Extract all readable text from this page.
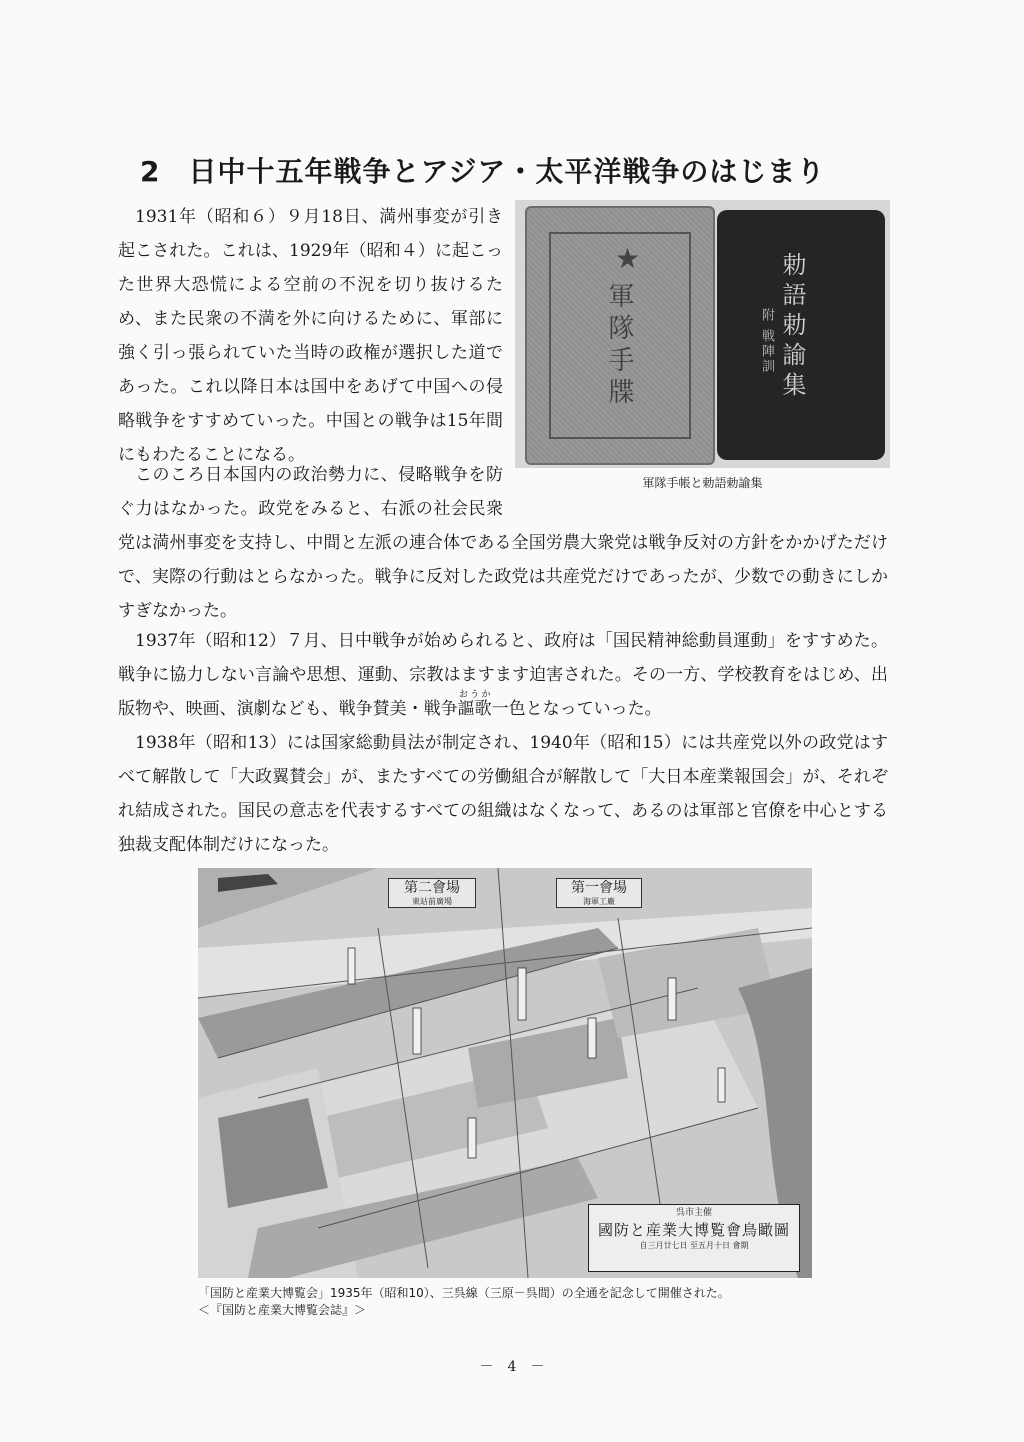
2 日中十五年戦争とアジア・太平洋戦争のはじまり

1931年（昭和６）９月18日、満州事変が引き起こされた。これは、1929年（昭和４）に起こった世界大恐慌による空前の不況を切り抜けるため、また民衆の不満を外に向けるために、軍部に強く引っ張られていた当時の政権が選択した道であった。これ以降日本は国中をあげて中国への侵略戦争をすすめていった。中国との戦争は15年間にもわたることになる。

★
軍隊手牒	勅語勅諭集
附 戦陣訓
軍隊手帳と勅語勅諭集

このころ日本国内の政治勢力に、侵略戦争を防ぐ力はなかった。政党をみると、右派の社会民衆党は満州事変を支持し、中間と左派の連合体である全国労農大衆党は戦争反対の方針をかかげただけで、実際の行動はとらなかった。戦争に反対した政党は共産党だけであったが、少数での動きにしかすぎなかった。

1937年（昭和12）７月、日中戦争が始められると、政府は「国民精神総動員運動」をすすめた。戦争に協力しない言論や思想、運動、宗教はますます迫害された。その一方、学校教育をはじめ、出版物や、映画、演劇なども、戦争賛美・戦争謳歌おうか一色となっていった。

1938年（昭和13）には国家総動員法が制定され、1940年（昭和15）には共産党以外の政党はすべて解散して「大政翼賛会」が、またすべての労働組合が解散して「大日本産業報国会」が、それぞれ結成された。国民の意志を代表するすべての組織はなくなって、あるのは軍部と官僚を中心とする独裁支配体制だけになった。

第二會場
東站前廣場
第一會場
海軍工廠
呉市主催
國防と産業大博覧會鳥瞰圖
自三月廿七日 至五月十日 會期
「国防と産業大博覧会」1935年（昭和10）、三呉線（三原－呉間）の全通を記念して開催された。
＜『国防と産業大博覧会誌』＞
－　4　－
